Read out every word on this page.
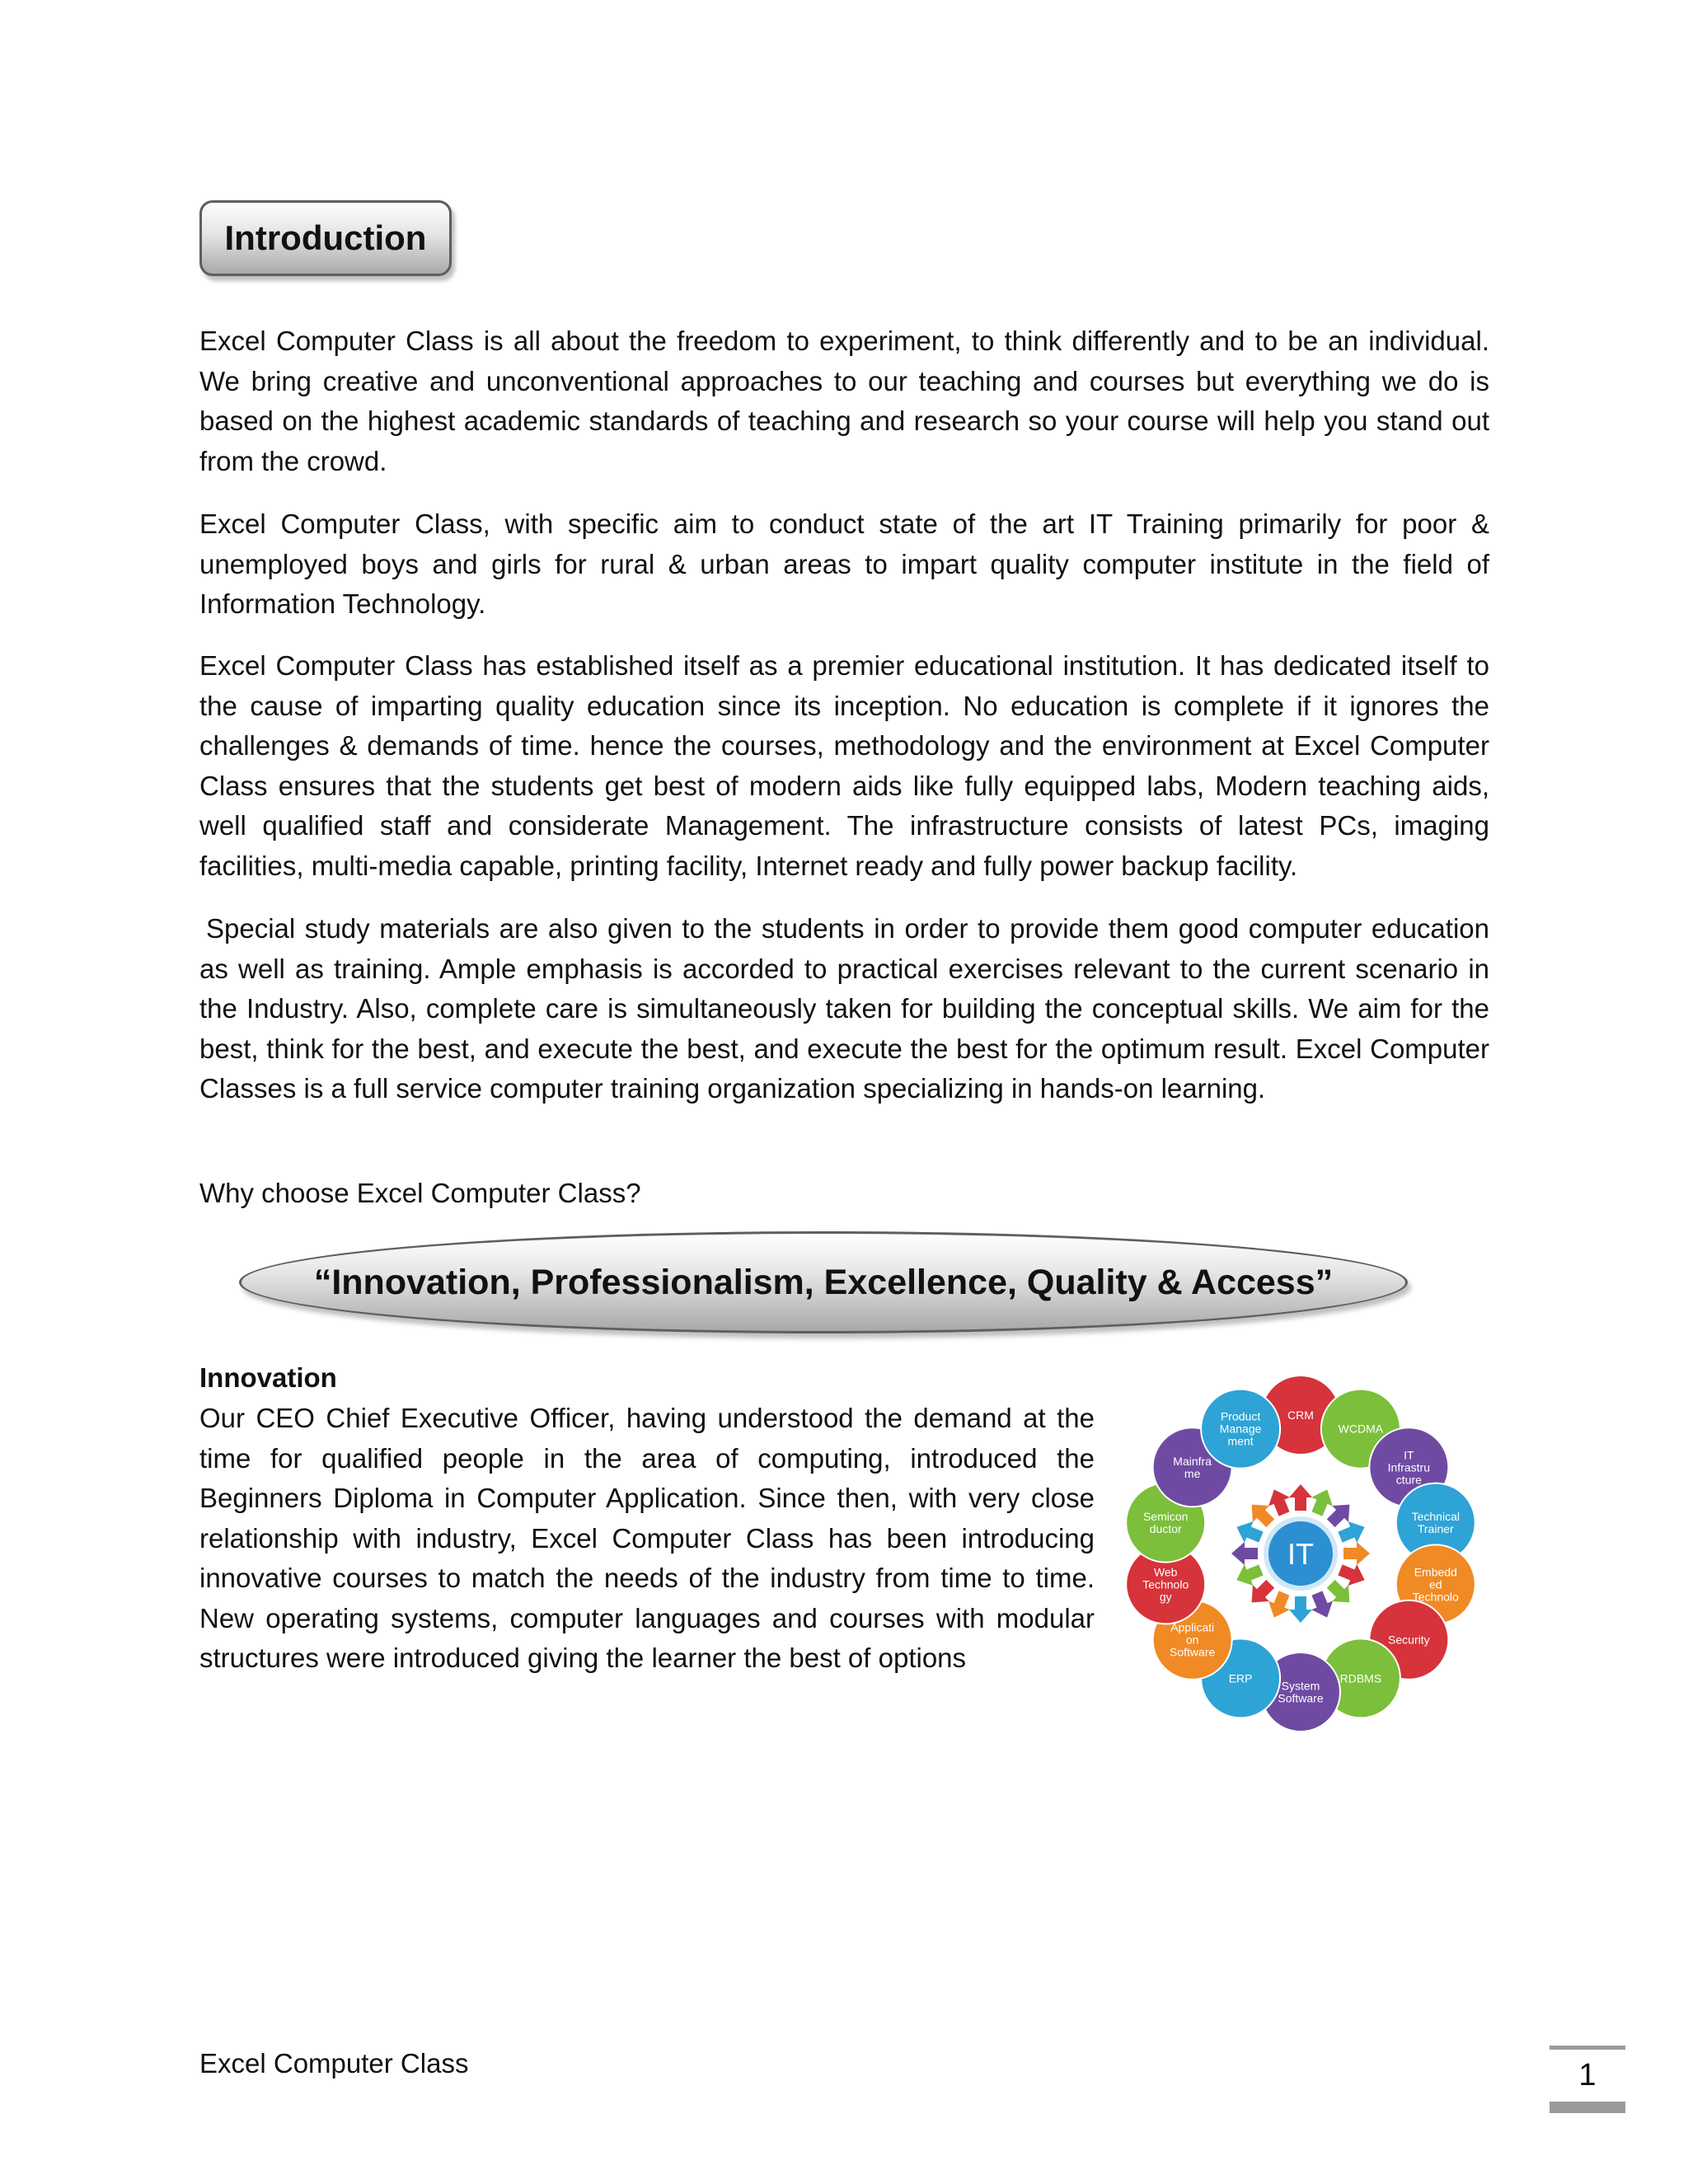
Introduction

Excel Computer Class is all about the freedom to experiment, to think differently and to be an individual. We bring creative and unconventional approaches to our teaching and courses but everything we do is based on the highest academic standards of teaching and research so your course will help you stand out from the crowd.

Excel Computer Class, with specific aim to conduct state of the art IT Training primarily for poor & unemployed boys and girls for rural & urban areas to impart quality computer institute in the field of Information Technology.

Excel Computer Class has established itself as a premier educational institution. It has dedicated itself to the cause of imparting quality education since its inception. No education is complete if it ignores the challenges & demands of time. hence the courses, methodology and the environment at Excel Computer Class ensures that the students get best of modern aids like fully equipped labs, Modern teaching aids, well qualified staff and considerate Management. The infrastructure consists of latest PCs, imaging facilities, multi-media capable, printing facility, Internet ready and fully power backup facility.

Special study materials are also given to the students in order to provide them good computer education as well as training. Ample emphasis is accorded to practical exercises relevant to the current scenario in the Industry. Also, complete care is simultaneously taken for building the conceptual skills. We aim for the best, think for the best, and execute the best, and execute the best for the optimum result. Excel Computer Classes is a full service computer training organization specializing in hands-on learning.

Why choose Excel Computer Class?

“Innovation, Professionalism, Excellence, Quality & Access”
Innovation
Our CEO Chief Executive Officer, having understood the demand at the time for qualified people in the area of computing, introduced the Beginners Diploma in Computer Application. Since then, with very close relationship with industry, Excel Computer Class has been introducing innovative courses to match the needs of the industry from time to time. New operating systems, computer languages and courses with modular structures were introduced giving the learner the best of options
CRM
WCDMA
IT
Infrastru
cture
Technical
Trainer
Embedd
ed
Technolo
Security
RDBMS
System
Software
ERP
Applicati
on
Software
Web
Technolo
gy
Semicon
ductor
Mainfra
me
Product
Manage
ment
IT
Excel Computer Class	1
